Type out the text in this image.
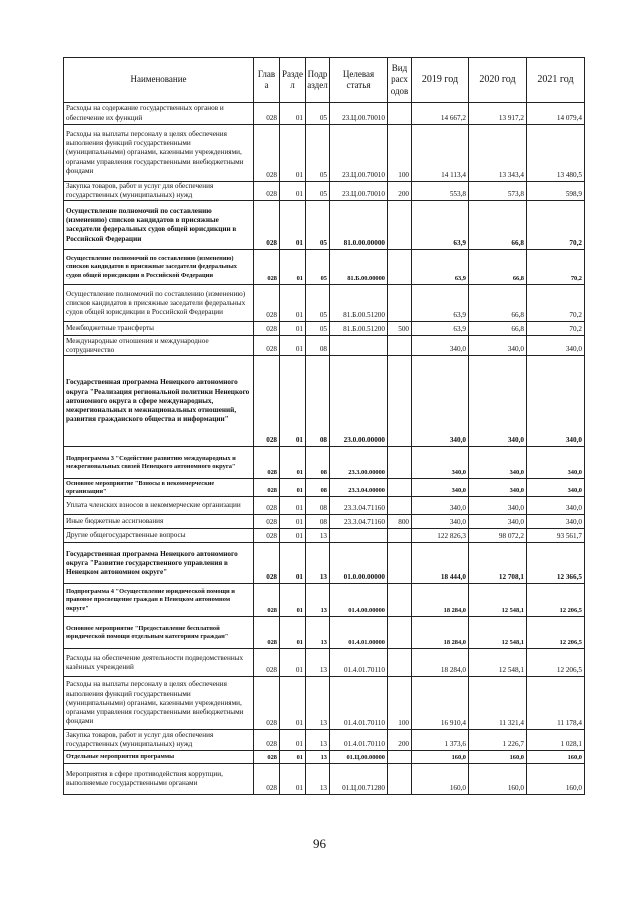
Наименование	Глав а	Разде л	Подр аздел	Целевая статья	Вид расх одов	2019 год	2020 год	2021 год
Расходы на содержание государственных органов и обеспечение их функций	028	01	05	23.Ц.00.70010		14 667,2	13 917,2	14 079,4
Расходы на выплаты персоналу в целях обеспечения выполнения функций государственными (муниципальными) органами, казенными учреждениями, органами управления государственными внебюджетными фондами	028	01	05	23.Ц.00.70010	100	14 113,4	13 343,4	13 480,5
Закупка товаров, работ и услуг для обеспечения государственных (муниципальных) нужд	028	01	05	23.Ц.00.70010	200	553,8	573,8	598,9
Осуществление полномочий по составлению (изменению) списков кандидатов в присяжные заседатели федеральных судов общей юрисдикции в Российской Федерации	028	01	05	81.0.00.00000		63,9	66,8	70,2
Осуществление полномочий по составлению (изменению) списков кандидатов в присяжные заседатели федеральных судов общей юрисдикции в Российской Федерации	028	01	05	81.Б.00.00000		63,9	66,8	70,2
Осуществление полномочий по составлению (изменению) списков кандидатов в присяжные заседатели федеральных судов общей юрисдикции в Российской Федерации	028	01	05	81.Б.00.51200		63,9	66,8	70,2
Межбюджетные трансферты	028	01	05	81.Б.00.51200	500	63,9	66,8	70,2
Международные отношения и международное сотрудничество	028	01	08			340,0	340,0	340,0
Государственная программа Ненецкого автономного округа "Реализация региональной политики Ненецкого автономного округа в сфере международных, межрегиональных и межнациональных отношений, развития гражданского общества и информации"	028	01	08	23.0.00.00000		340,0	340,0	340,0
Подпрограмма 3 "Содействие развитию международных и межрегиональных связей Ненецкого автономного округа"	028	01	08	23.3.00.00000		340,0	340,0	340,0
Основное мероприятие "Взносы в некоммерческие организации"	028	01	08	23.3.04.00000		340,0	340,0	340,0
Уплата членских взносов в некоммерческие организации	028	01	08	23.3.04.71160		340,0	340,0	340,0
Иные бюджетные ассигнования	028	01	08	23.3.04.71160	800	340,0	340,0	340,0
Другие общегосударственные вопросы	028	01	13			122 826,3	98 072,2	93 561,7
Государственная программа Ненецкого автономного округа "Развитие государственного управления в Ненецком автономном округе"	028	01	13	01.0.00.00000		18 444,0	12 708,1	12 366,5
Подпрограмма 4 "Осуществление юридической помощи и правовое просвещение граждан в Ненецком автономном округе"	028	01	13	01.4.00.00000		18 284,0	12 548,1	12 206,5
Основное мероприятие "Предоставление бесплатной юридической помощи отдельным категориям граждан"	028	01	13	01.4.01.00000		18 284,0	12 548,1	12 206,5
Расходы на обеспечение деятельности подведомственных казённых учреждений	028	01	13	01.4.01.70110		18 284,0	12 548,1	12 206,5
Расходы на выплаты персоналу в целях обеспечения выполнения функций государственными (муниципальными) органами, казенными учреждениями, органами управления государственными внебюджетными фондами	028	01	13	01.4.01.70110	100	16 910,4	11 321,4	11 178,4
Закупка товаров, работ и услуг для обеспечения государственных (муниципальных) нужд	028	01	13	01.4.01.70110	200	1 373,6	1 226,7	1 028,1
Отдельные мероприятия программы	028	01	13	01.Ц.00.00000		160,0	160,0	160,0
Мероприятия в сфере противодействия коррупции, выполняемые государственными органами	028	01	13	01.Ц.00.71280		160,0	160,0	160,0
96
